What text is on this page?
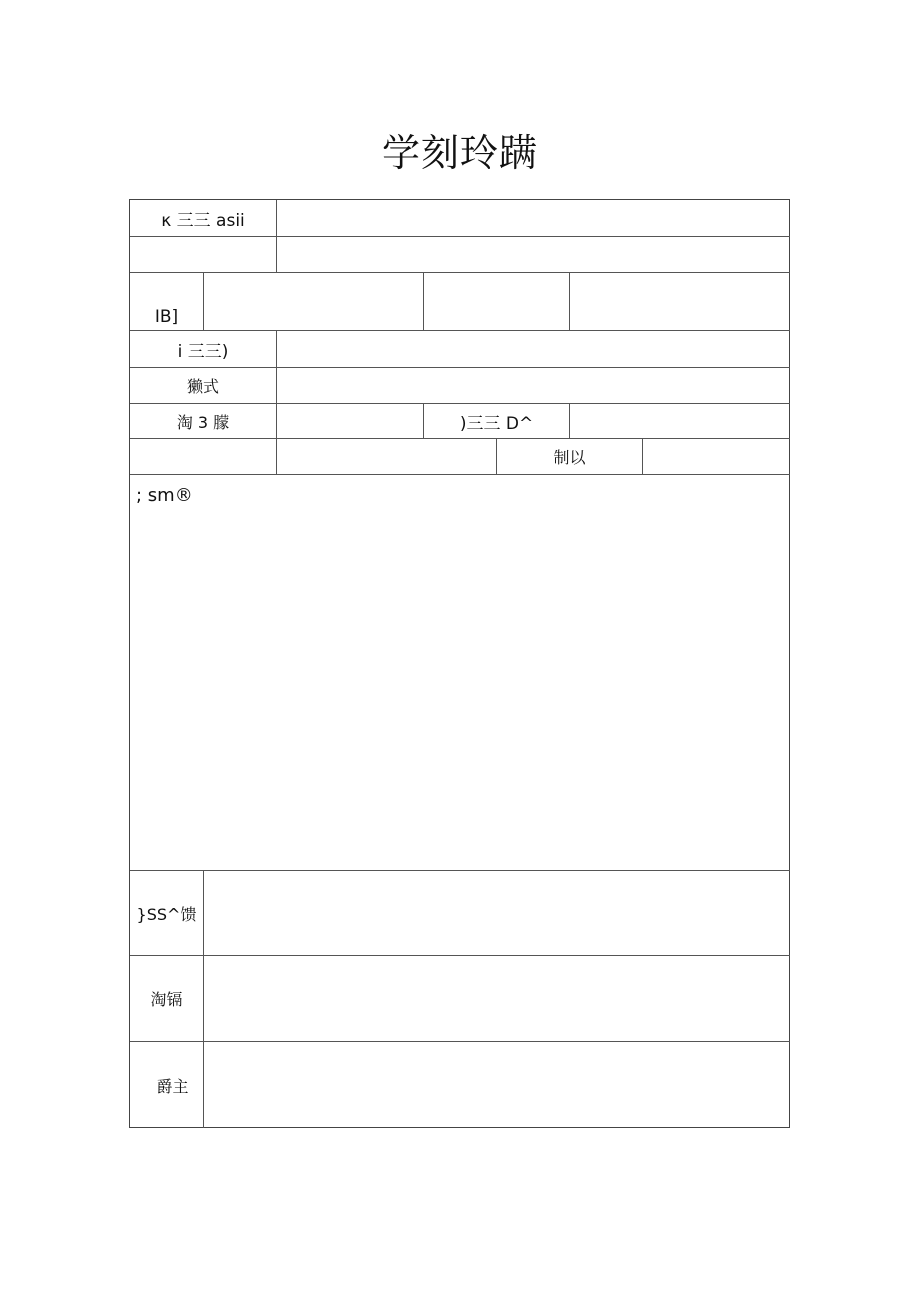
学刻玲蹒
κ 三三 asii
IB]
i 三三)
獭式
淘 3 朦	)三三 D^
制以
; sm®
}SS^馈
淘镉
爵主
